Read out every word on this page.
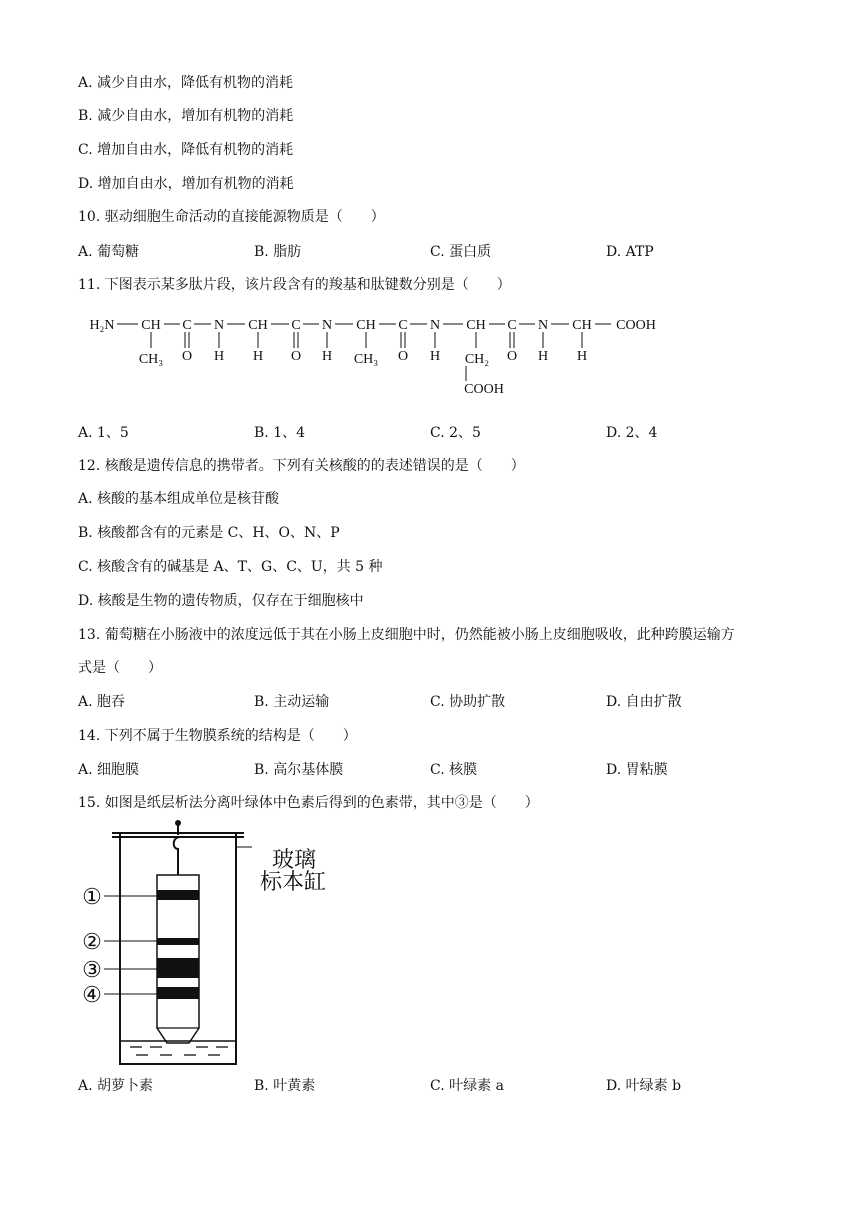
A. 减少自由水，降低有机物的消耗
B. 减少自由水，增加有机物的消耗
C. 增加自由水，降低有机物的消耗
D. 增加自由水，增加有机物的消耗
10. 驱动细胞生命活动的直接能源物质是（　　）
A. 葡萄糖	B. 脂肪	C. 蛋白质	D. ATP
11. 下图表示某多肽片段，该片段含有的羧基和肽键数分别是（　　）
H₂N CH C N CH C N CH C N CH C N CH COOH
CH₃ O H H O H CH₃ O H CH₂ O H H
COOH
A. 1、5	B. 1、4	C. 2、5	D. 2、4
12. 核酸是遗传信息的携带者。下列有关核酸的的表述错误的是（　　）
A. 核酸的基本组成单位是核苷酸
B. 核酸都含有的元素是 C、H、O、N、P
C. 核酸含有的碱基是 A、T、G、C、U，共 5 种
D. 核酸是生物的遗传物质，仅存在于细胞核中
13. 葡萄糖在小肠液中的浓度远低于其在小肠上皮细胞中时，仍然能被小肠上皮细胞吸收，此种跨膜运输方
式是（　　）
A. 胞吞	B. 主动运输	C. 协助扩散	D. 自由扩散
14. 下列不属于生物膜系统的结构是（　　）
A. 细胞膜	B. 高尔基体膜	C. 核膜	D. 胃粘膜
15. 如图是纸层析法分离叶绿体中色素后得到的色素带，其中③是（　　）
①
②
③
④
玻璃
标本缸
A. 胡萝卜素	B. 叶黄素	C. 叶绿素 a	D. 叶绿素 b
